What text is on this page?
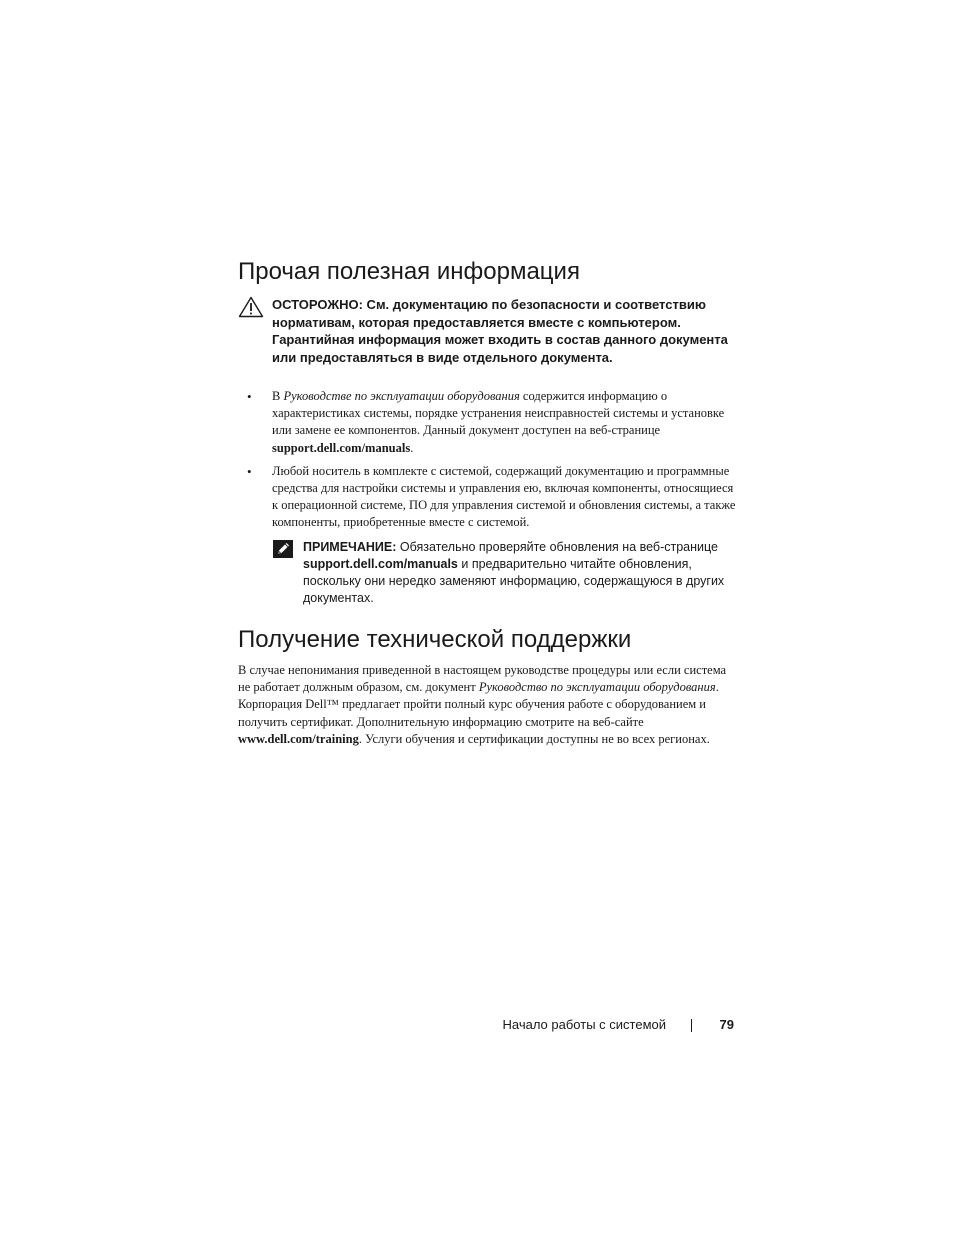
Прочая полезная информация
ОСТОРОЖНО: См. документацию по безопасности и соответствию нормативам, которая предоставляется вместе с компьютером. Гарантийная информация может входить в состав данного документа или предоставляться в виде отдельного документа.
• В Руководстве по эксплуатации оборудования содержится информацию о характеристиках системы, порядке устранения неисправностей системы и установке или замене ее компонентов. Данный документ доступен на веб-странице support.dell.com/manuals.
• Любой носитель в комплекте с системой, содержащий документацию и программные средства для настройки системы и управления ею, включая компоненты, относящиеся к операционной системе, ПО для управления системой и обновления системы, а также компоненты, приобретенные вместе с системой.
ПРИМЕЧАНИЕ: Обязательно проверяйте обновления на веб-странице support.dell.com/manuals и предварительно читайте обновления, поскольку они нередко заменяют информацию, содержащуюся в других документах.
Получение технической поддержки

В случае непонимания приведенной в настоящем руководстве процедуры или если система не работает должным образом, см. документ Руководство по эксплуатации оборудования. Корпорация Dell™ предлагает пройти полный курс обучения работе с оборудованием и получить сертификат. Дополнительную информацию смотрите на веб-сайте www.dell.com/training. Услуги обучения и сертификации доступны не во всех регионах.

Начало работы с системой	79
